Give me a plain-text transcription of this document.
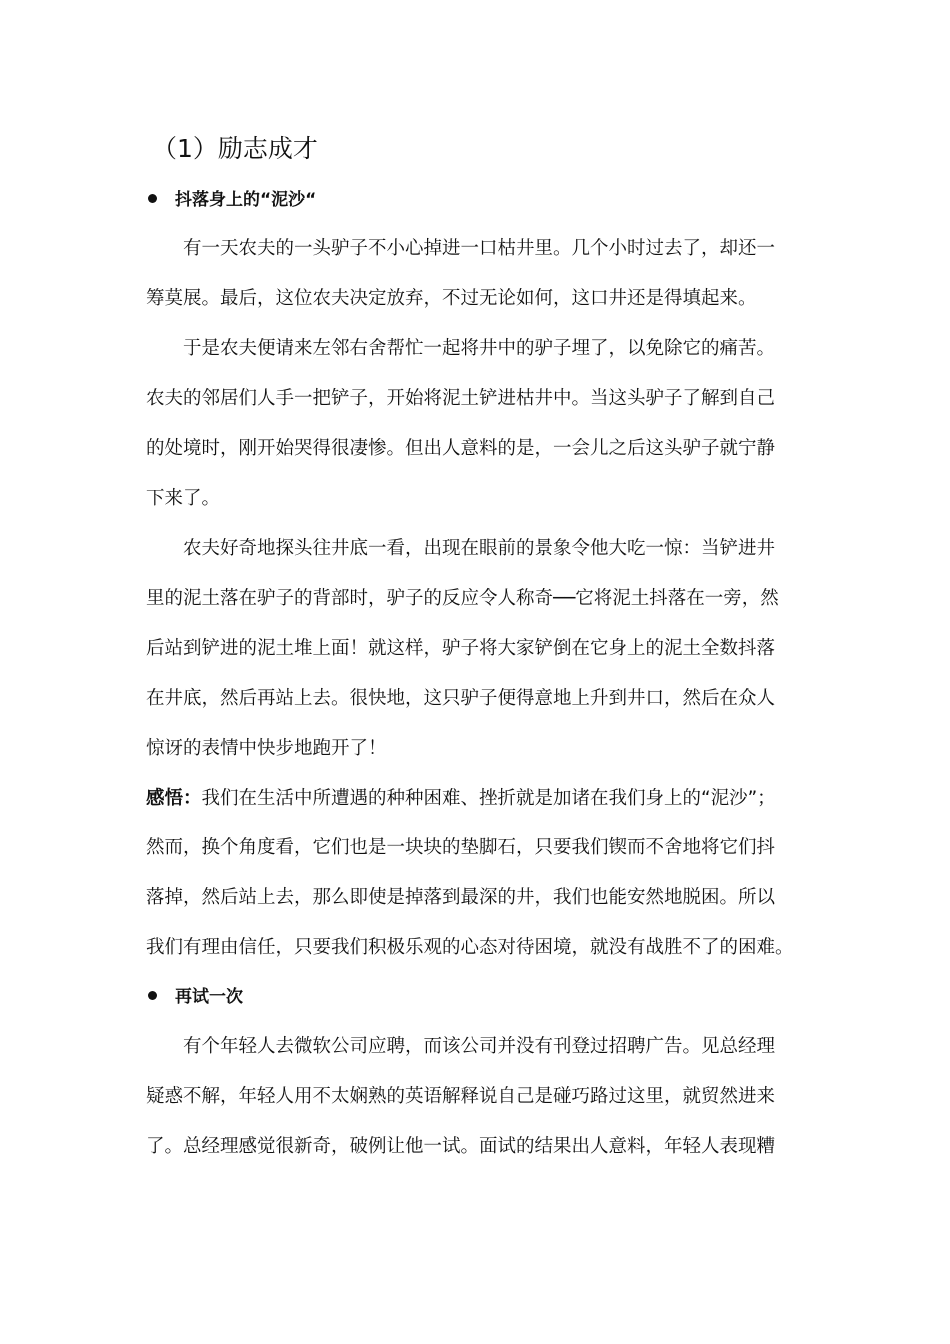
（1）励志成才
抖落身上的“泥沙“
有一天农夫的一头驴子不小心掉进一口枯井里。几个小时过去了，却还一
筹莫展。最后，这位农夫决定放弃，不过无论如何，这口井还是得填起来。
于是农夫便请来左邻右舍帮忙一起将井中的驴子埋了，以免除它的痛苦。
农夫的邻居们人手一把铲子，开始将泥土铲进枯井中。当这头驴子了解到自己
的处境时，刚开始哭得很凄惨。但出人意料的是，一会儿之后这头驴子就宁静
下来了。
农夫好奇地探头往井底一看，出现在眼前的景象令他大吃一惊：当铲进井
里的泥土落在驴子的背部时，驴子的反应令人称奇──它将泥土抖落在一旁，然
后站到铲进的泥土堆上面！就这样，驴子将大家铲倒在它身上的泥土全数抖落
在井底，然后再站上去。很快地，这只驴子便得意地上升到井口，然后在众人
惊讶的表情中快步地跑开了！
感悟：我们在生活中所遭遇的种种困难、挫折就是加诸在我们身上的“泥沙”；
然而，换个角度看，它们也是一块块的垫脚石，只要我们锲而不舍地将它们抖
落掉，然后站上去，那么即使是掉落到最深的井，我们也能安然地脱困。所以
我们有理由信任，只要我们积极乐观的心态对待困境，就没有战胜不了的困难。
再试一次
有个年轻人去微软公司应聘，而该公司并没有刊登过招聘广告。见总经理
疑惑不解，年轻人用不太娴熟的英语解释说自己是碰巧路过这里，就贸然进来
了。总经理感觉很新奇，破例让他一试。面试的结果出人意料，年轻人表现糟
